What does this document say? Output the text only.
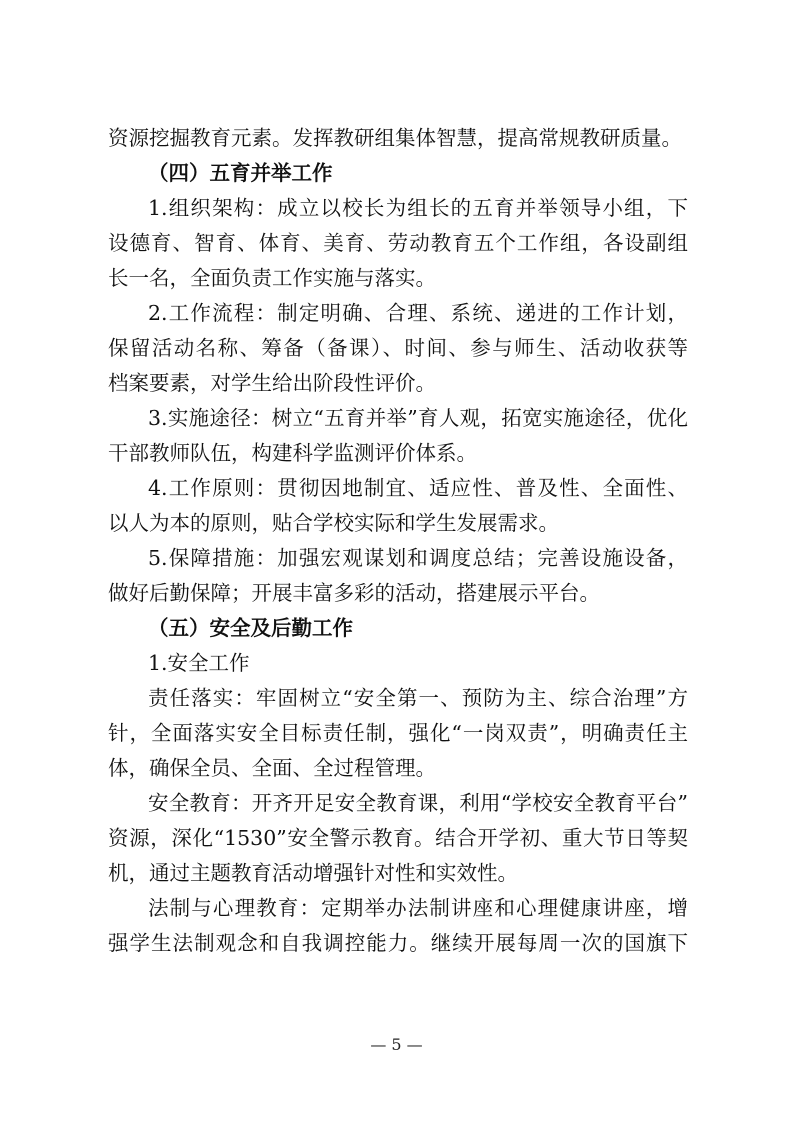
资源挖掘教育元素。发挥教研组集体智慧，提高常规教研质量。
（四）五育并举工作
1.组织架构：成立以校长为组长的五育并举领导小组，下
设德育、智育、体育、美育、劳动教育五个工作组，各设副组
长一名，全面负责工作实施与落实。
2.工作流程：制定明确、合理、系统、递进的工作计划，
保留活动名称、筹备（备课）、时间、参与师生、活动收获等
档案要素，对学生给出阶段性评价。
3.实施途径：树立“五育并举”育人观，拓宽实施途径，优化
干部教师队伍，构建科学监测评价体系。
4.工作原则：贯彻因地制宜、适应性、普及性、全面性、
以人为本的原则，贴合学校实际和学生发展需求。
5.保障措施：加强宏观谋划和调度总结；完善设施设备，
做好后勤保障；开展丰富多彩的活动，搭建展示平台。
（五）安全及后勤工作
1.安全工作
责任落实：牢固树立“安全第一、预防为主、综合治理”方
针，全面落实安全目标责任制，强化“一岗双责”，明确责任主
体，确保全员、全面、全过程管理。
安全教育：开齐开足安全教育课，利用“学校安全教育平台”
资源，深化“1530”安全警示教育。结合开学初、重大节日等契
机，通过主题教育活动增强针对性和实效性。
法制与心理教育：定期举办法制讲座和心理健康讲座，增
强学生法制观念和自我调控能力。继续开展每周一次的国旗下
— 5 —
